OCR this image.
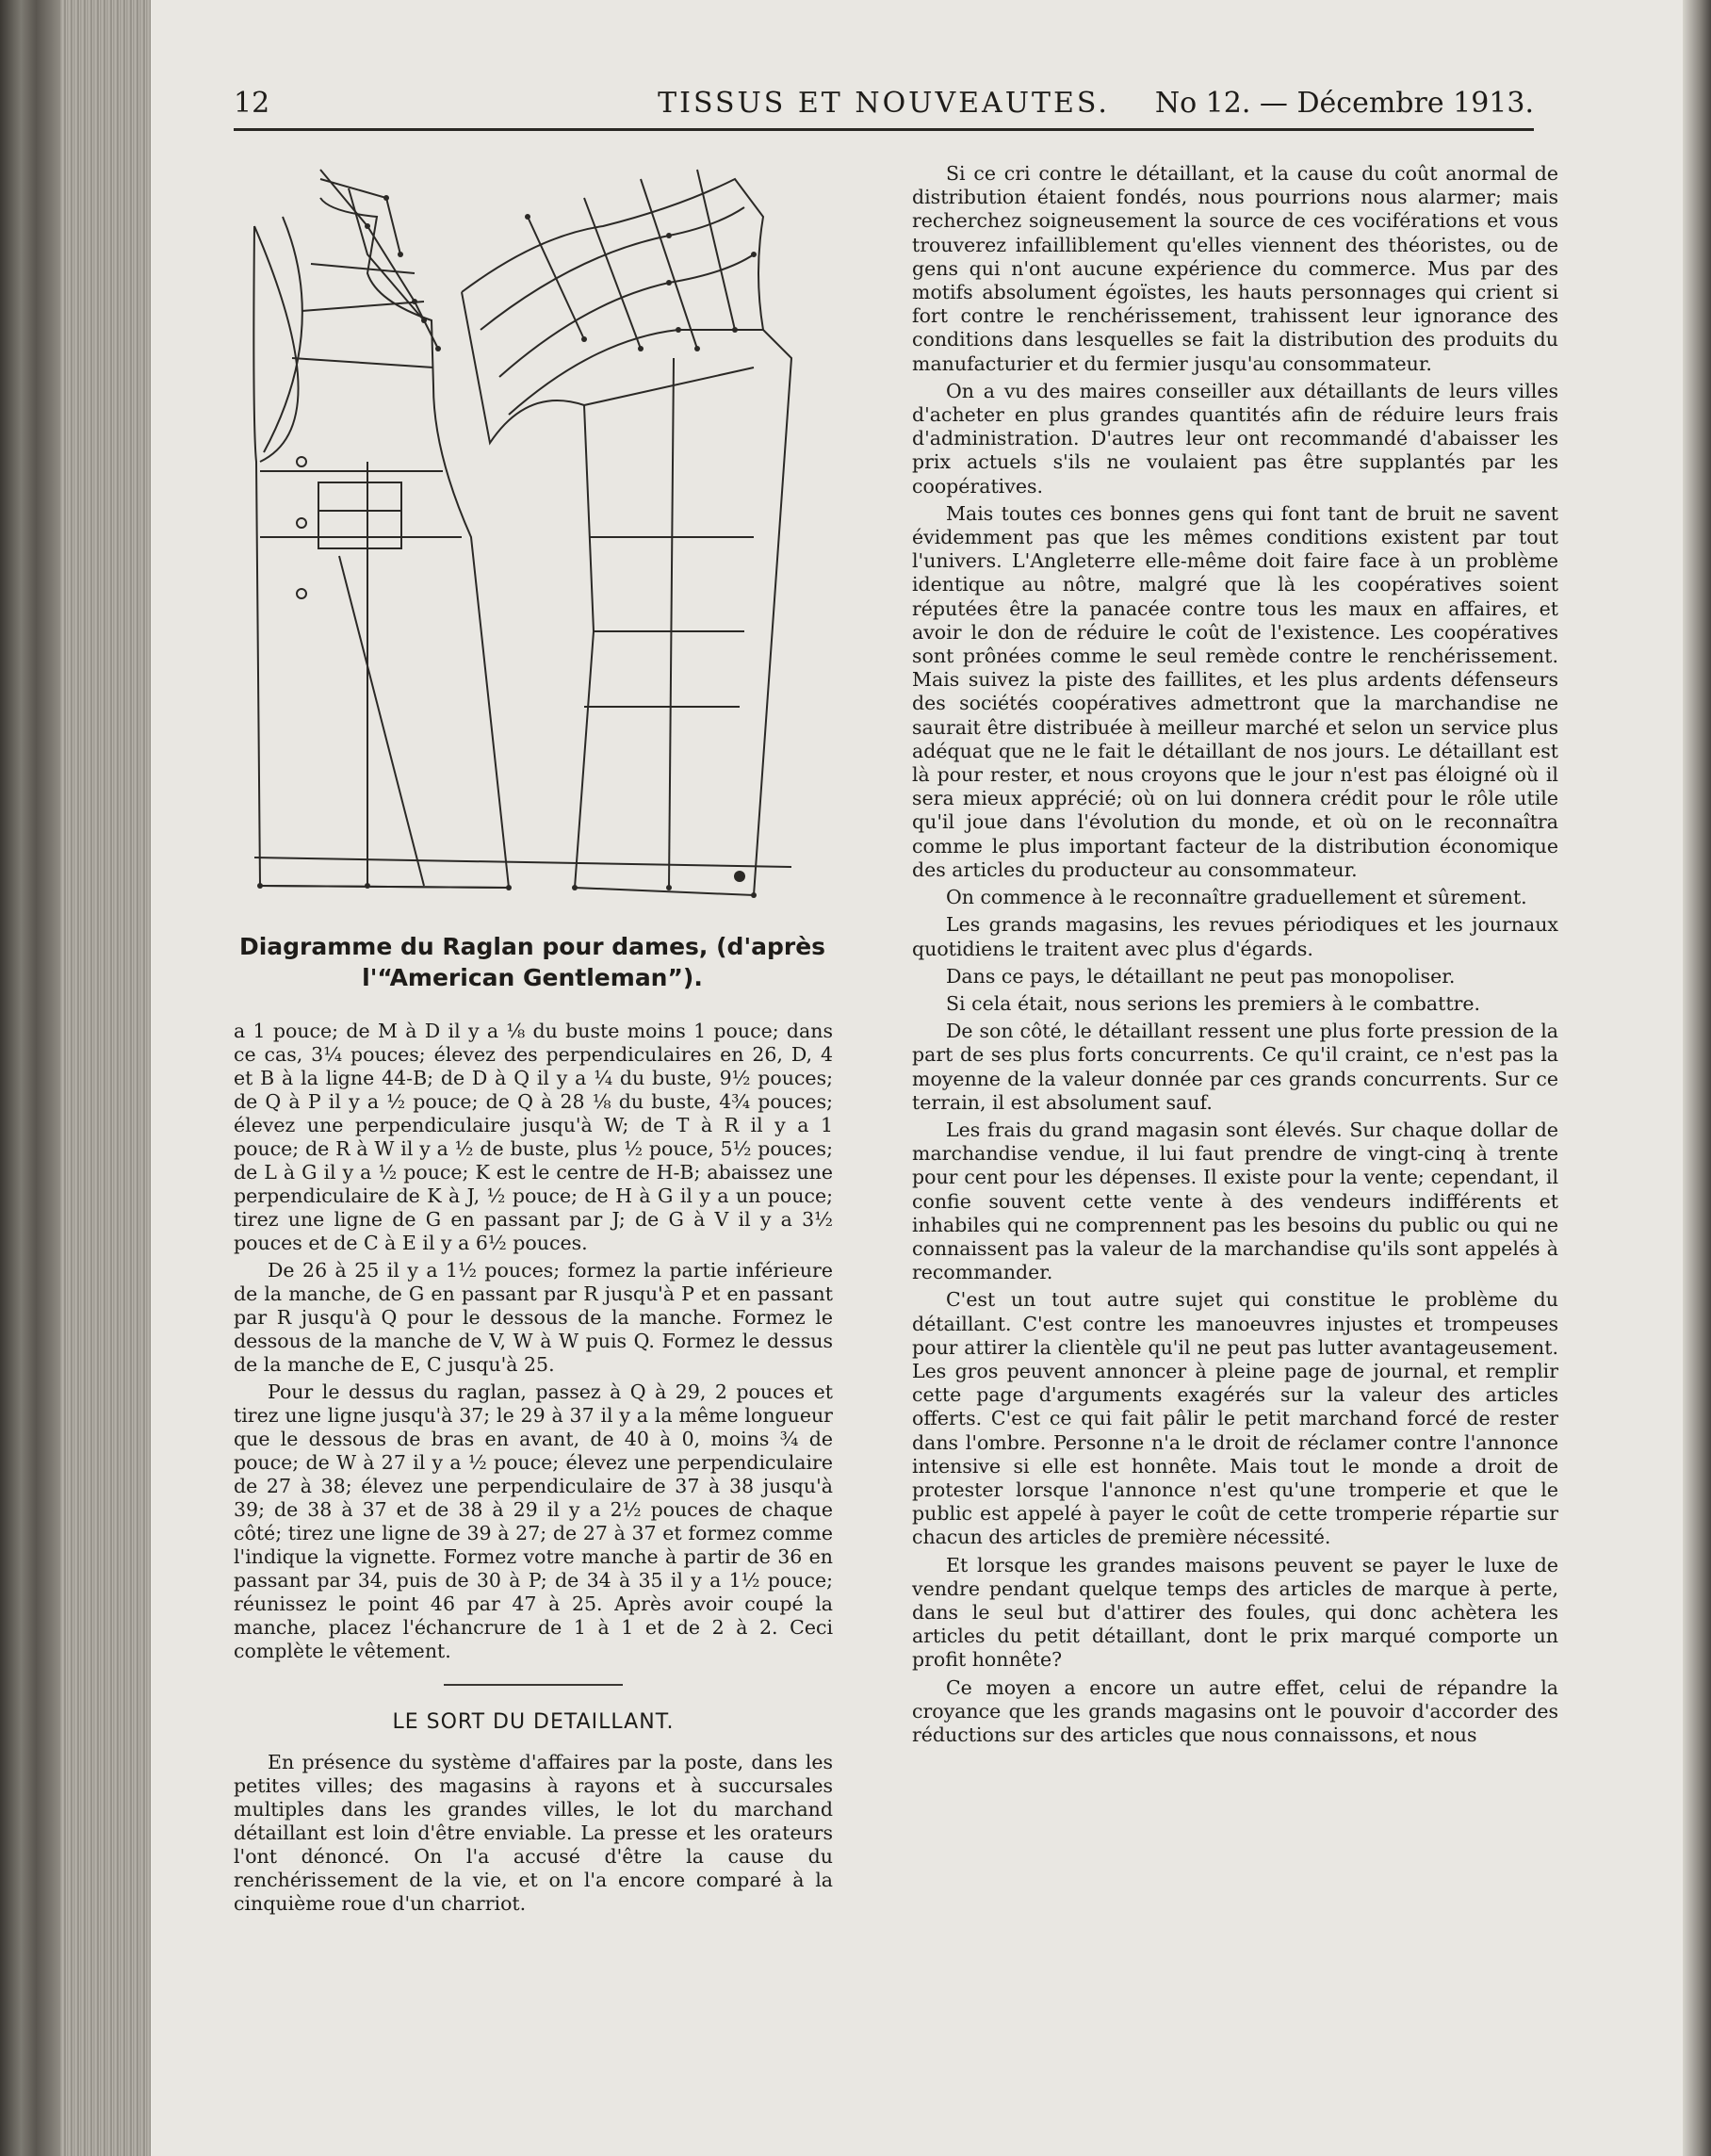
12	TISSUS ET NOUVEAUTES.	No 12. — Décembre 1913.
Diagramme du Raglan pour dames, (d'après
l'“American Gentleman”).

a 1 pouce; de M à D il y a ⅛ du buste moins 1 pouce; dans ce cas, 3¼ pouces; élevez des perpendiculaires en 26, D, 4 et B à la ligne 44-B; de D à Q il y a ¼ du buste, 9½ pouces; de Q à P il y a ½ pouce; de Q à 28 ⅛ du buste, 4¾ pouces; élevez une perpendiculaire jusqu'à W; de T à R il y a 1 pouce; de R à W il y a ½ de buste, plus ½ pouce, 5½ pouces; de L à G il y a ½ pouce; K est le centre de H-B; abaissez une perpendiculaire de K à J, ½ pouce; de H à G il y a un pouce; tirez une ligne de G en passant par J; de G à V il y a 3½ pouces et de C à E il y a 6½ pouces.

De 26 à 25 il y a 1½ pouces; formez la partie inférieure de la manche, de G en passant par R jusqu'à P et en passant par R jusqu'à Q pour le dessous de la manche. Formez le dessous de la manche de V, W à W puis Q. Formez le dessus de la manche de E, C jusqu'à 25.

Pour le dessus du raglan, passez à Q à 29, 2 pouces et tirez une ligne jusqu'à 37; le 29 à 37 il y a la même longueur que le dessous de bras en avant, de 40 à 0, moins ¾ de pouce; de W à 27 il y a ½ pouce; élevez une perpendiculaire de 27 à 38; élevez une perpendiculaire de 37 à 38 jusqu'à 39; de 38 à 37 et de 38 à 29 il y a 2½ pouces de chaque côté; tirez une ligne de 39 à 27; de 27 à 37 et formez comme l'indique la vignette. Formez votre manche à partir de 36 en passant par 34, puis de 30 à P; de 34 à 35 il y a 1½ pouce; réunissez le point 46 par 47 à 25. Après avoir coupé la manche, placez l'échancrure de 1 à 1 et de 2 à 2. Ceci complète le vêtement.

LE SORT DU DETAILLANT.

En présence du système d'affaires par la poste, dans les petites villes; des magasins à rayons et à succursales multiples dans les grandes villes, le lot du marchand détaillant est loin d'être enviable. La presse et les orateurs l'ont dénoncé. On l'a accusé d'être la cause du renchérissement de la vie, et on l'a encore comparé à la cinquième roue d'un charriot.

Si ce cri contre le détaillant, et la cause du coût anormal de distribution étaient fondés, nous pourrions nous alarmer; mais recherchez soigneusement la source de ces vociférations et vous trouverez infailliblement qu'elles viennent des théoristes, ou de gens qui n'ont aucune expérience du commerce. Mus par des motifs absolument égoïstes, les hauts personnages qui crient si fort contre le renchérissement, trahissent leur ignorance des conditions dans lesquelles se fait la distribution des produits du manufacturier et du fermier jusqu'au consommateur.

On a vu des maires conseiller aux détaillants de leurs villes d'acheter en plus grandes quantités afin de réduire leurs frais d'administration. D'autres leur ont recommandé d'abaisser les prix actuels s'ils ne voulaient pas être supplantés par les coopératives.

Mais toutes ces bonnes gens qui font tant de bruit ne savent évidemment pas que les mêmes conditions existent par tout l'univers. L'Angleterre elle-même doit faire face à un problème identique au nôtre, malgré que là les coopératives soient réputées être la panacée contre tous les maux en affaires, et avoir le don de réduire le coût de l'existence. Les coopératives sont prônées comme le seul remède contre le renchérissement. Mais suivez la piste des faillites, et les plus ardents défenseurs des sociétés coopératives admettront que la marchandise ne saurait être distribuée à meilleur marché et selon un service plus adéquat que ne le fait le détaillant de nos jours. Le détaillant est là pour rester, et nous croyons que le jour n'est pas éloigné où il sera mieux apprécié; où on lui donnera crédit pour le rôle utile qu'il joue dans l'évolution du monde, et où on le reconnaîtra comme le plus important facteur de la distribution économique des articles du producteur au consommateur.

On commence à le reconnaître graduellement et sûrement.

Les grands magasins, les revues périodiques et les journaux quotidiens le traitent avec plus d'égards.

Dans ce pays, le détaillant ne peut pas monopoliser.

Si cela était, nous serions les premiers à le combattre.

De son côté, le détaillant ressent une plus forte pression de la part de ses plus forts concurrents. Ce qu'il craint, ce n'est pas la moyenne de la valeur donnée par ces grands concurrents. Sur ce terrain, il est absolument sauf.

Les frais du grand magasin sont élevés. Sur chaque dollar de marchandise vendue, il lui faut prendre de vingt-cinq à trente pour cent pour les dépenses. Il existe pour la vente; cependant, il confie souvent cette vente à des vendeurs indifférents et inhabiles qui ne comprennent pas les besoins du public ou qui ne connaissent pas la valeur de la marchandise qu'ils sont appelés à recommander.

C'est un tout autre sujet qui constitue le problème du détaillant. C'est contre les manoeuvres injustes et trompeuses pour attirer la clientèle qu'il ne peut pas lutter avantageusement. Les gros peuvent annoncer à pleine page de journal, et remplir cette page d'arguments exagérés sur la valeur des articles offerts. C'est ce qui fait pâlir le petit marchand forcé de rester dans l'ombre. Personne n'a le droit de réclamer contre l'annonce intensive si elle est honnête. Mais tout le monde a droit de protester lorsque l'annonce n'est qu'une tromperie et que le public est appelé à payer le coût de cette tromperie répartie sur chacun des articles de première nécessité.

Et lorsque les grandes maisons peuvent se payer le luxe de vendre pendant quelque temps des articles de marque à perte, dans le seul but d'attirer des foules, qui donc achètera les articles du petit détaillant, dont le prix marqué comporte un profit honnête?

Ce moyen a encore un autre effet, celui de répandre la croyance que les grands magasins ont le pouvoir d'accorder des réductions sur des articles que nous connaissons, et nous
